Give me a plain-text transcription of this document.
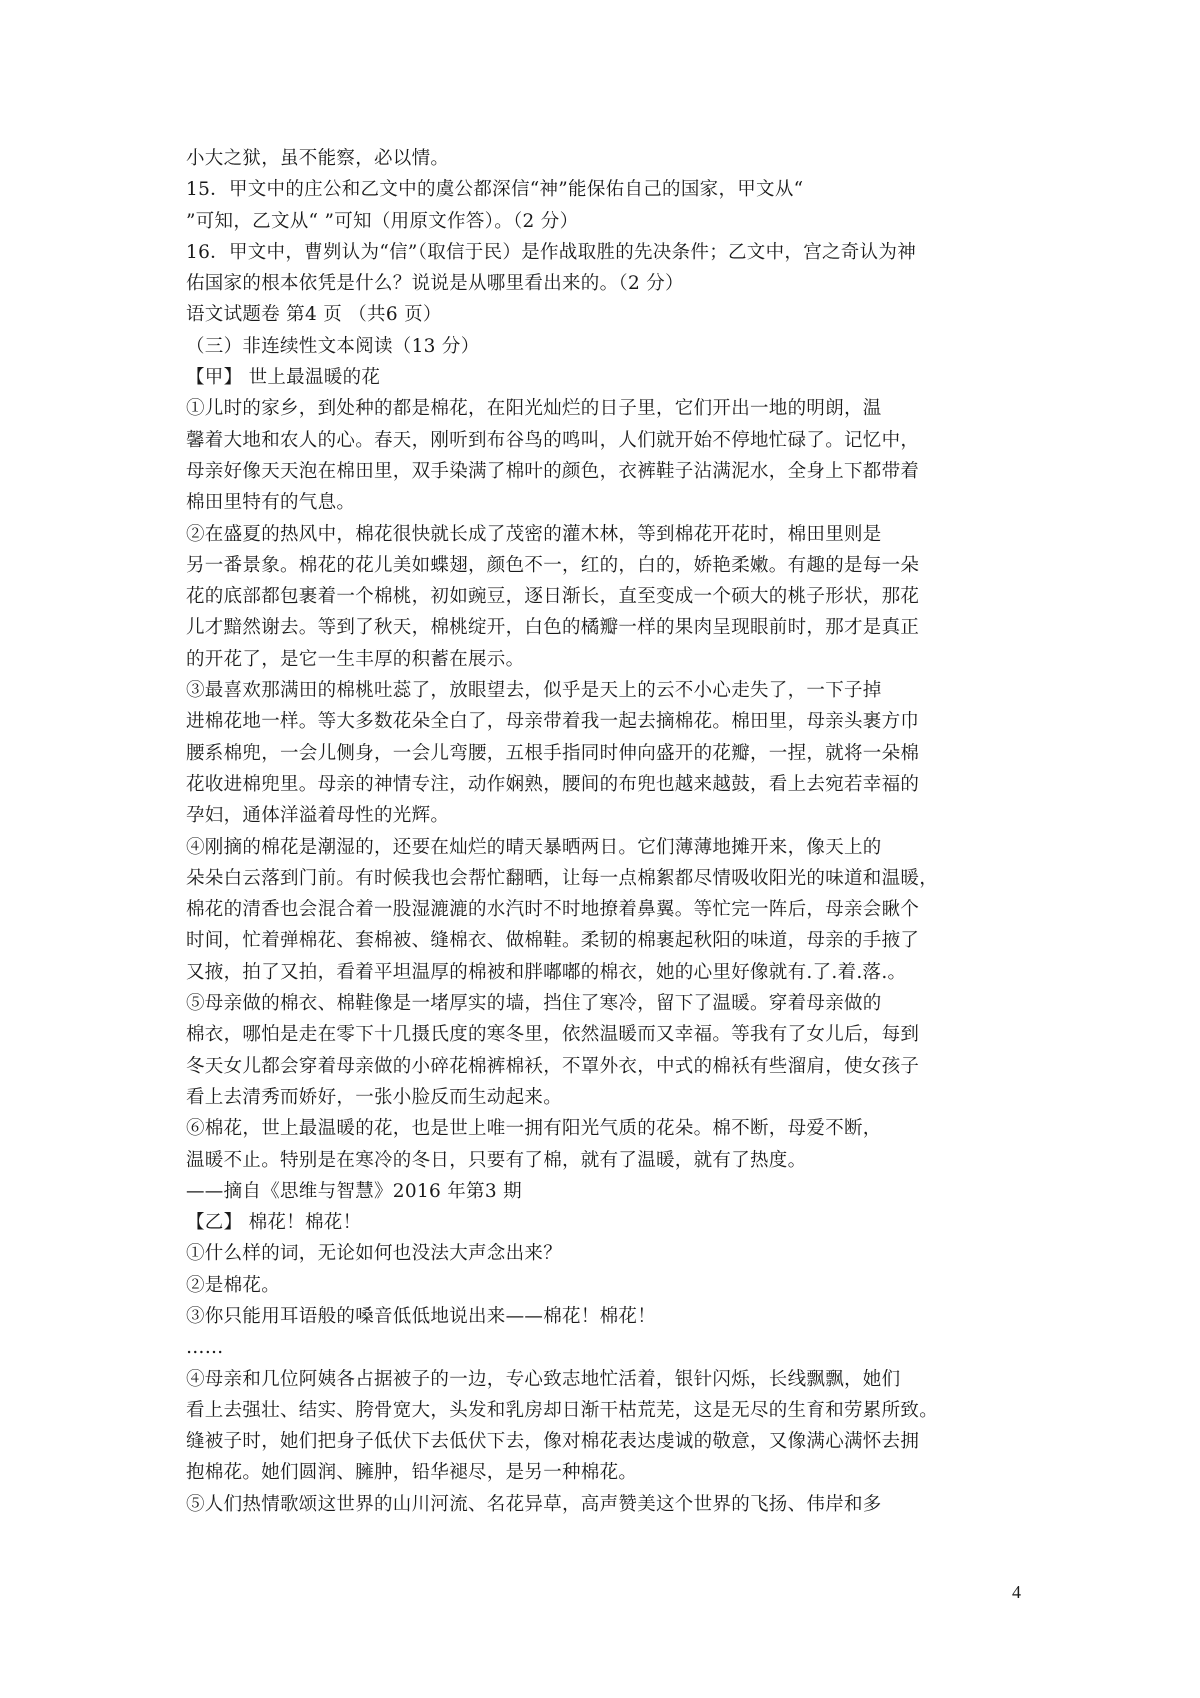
小大之狱，虽不能察，必以情。
15．甲文中的庄公和乙文中的虞公都深信“神”能保佑自己的国家，甲文从“
”可知，乙文从“ ”可知（用原文作答）。（2 分）
16．甲文中，曹刿认为“信”（取信于民）是作战取胜的先决条件；乙文中，宫之奇认为神
佑国家的根本依凭是什么？说说是从哪里看出来的。（2 分）
语文试题卷 第4 页 （共6 页）
（三）非连续性文本阅读（13 分）
【甲】 世上最温暖的花
①儿时的家乡，到处种的都是棉花，在阳光灿烂的日子里，它们开出一地的明朗，温
馨着大地和农人的心。春天，刚听到布谷鸟的鸣叫，人们就开始不停地忙碌了。记忆中，
母亲好像天天泡在棉田里，双手染满了棉叶的颜色，衣裤鞋子沾满泥水，全身上下都带着
棉田里特有的气息。
②在盛夏的热风中，棉花很快就长成了茂密的灌木林，等到棉花开花时，棉田里则是
另一番景象。棉花的花儿美如蝶翅，颜色不一，红的，白的，娇艳柔嫩。有趣的是每一朵
花的底部都包裹着一个棉桃，初如豌豆，逐日渐长，直至变成一个硕大的桃子形状，那花
儿才黯然谢去。等到了秋天，棉桃绽开，白色的橘瓣一样的果肉呈现眼前时，那才是真正
的开花了，是它一生丰厚的积蓄在展示。
③最喜欢那满田的棉桃吐蕊了，放眼望去，似乎是天上的云不小心走失了，一下子掉
进棉花地一样。等大多数花朵全白了，母亲带着我一起去摘棉花。棉田里，母亲头裹方巾
腰系棉兜，一会儿侧身，一会儿弯腰，五根手指同时伸向盛开的花瓣，一捏，就将一朵棉
花收进棉兜里。母亲的神情专注，动作娴熟，腰间的布兜也越来越鼓，看上去宛若幸福的
孕妇，通体洋溢着母性的光辉。
④刚摘的棉花是潮湿的，还要在灿烂的晴天暴晒两日。它们薄薄地摊开来，像天上的
朵朵白云落到门前。有时候我也会帮忙翻晒，让每一点棉絮都尽情吸收阳光的味道和温暖，
棉花的清香也会混合着一股湿漉漉的水汽时不时地撩着鼻翼。等忙完一阵后，母亲会瞅个
时间，忙着弹棉花、套棉被、缝棉衣、做棉鞋。柔韧的棉裹起秋阳的味道，母亲的手掖了
又掖，拍了又拍，看着平坦温厚的棉被和胖嘟嘟的棉衣，她的心里好像就有.了.着.落.。
⑤母亲做的棉衣、棉鞋像是一堵厚实的墙，挡住了寒冷，留下了温暖。穿着母亲做的
棉衣，哪怕是走在零下十几摄氏度的寒冬里，依然温暖而又幸福。等我有了女儿后，每到
冬天女儿都会穿着母亲做的小碎花棉裤棉袄，不罩外衣，中式的棉袄有些溜肩，使女孩子
看上去清秀而娇好，一张小脸反而生动起来。
⑥棉花，世上最温暖的花，也是世上唯一拥有阳光气质的花朵。棉不断，母爱不断，
温暖不止。特别是在寒冷的冬日，只要有了棉，就有了温暖，就有了热度。
——摘自《思维与智慧》2016 年第3 期
【乙】 棉花！棉花！
①什么样的词，无论如何也没法大声念出来？
②是棉花。
③你只能用耳语般的嗓音低低地说出来——棉花！棉花！
……
④母亲和几位阿姨各占据被子的一边，专心致志地忙活着，银针闪烁，长线飘飘，她们
看上去强壮、结实、胯骨宽大，头发和乳房却日渐干枯荒芜，这是无尽的生育和劳累所致。
缝被子时，她们把身子低伏下去低伏下去，像对棉花表达虔诚的敬意，又像满心满怀去拥
抱棉花。她们圆润、臃肿，铅华褪尽，是另一种棉花。
⑤人们热情歌颂这世界的山川河流、名花异草，高声赞美这个世界的飞扬、伟岸和多
4
